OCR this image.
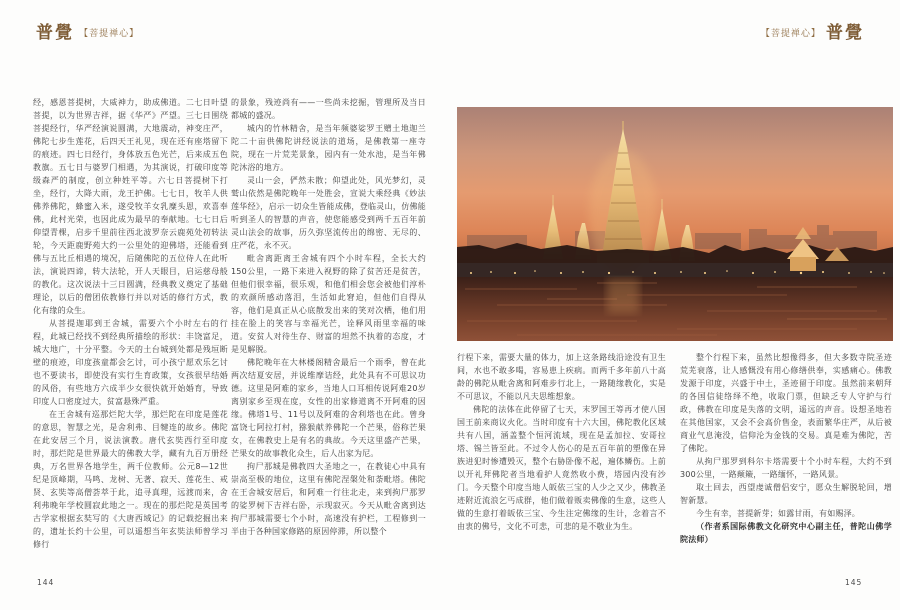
普覺 【菩提禅心】	【菩提禅心】 普覺

经，感恩菩提树，大威神力，助成佛道。二七日叶望菩提，以为世界吉祥，据《华严》严望。三七日围绕菩提经行，华严经演说圆满，大地震动，神变庄严，佛陀七步生莲花，后四天王礼见，现在还有座塔留下的痕迹。四七日经行，身体放五色光芒，后来成五色教旗。五七日与婆罗门相遇，为其演说，打破印度等级森严的制度，创立种姓平等。六七日菩提树下打坐，经行，大降大雨，龙王护佛。七七日，牧羊人供佛养佛陀，蜂蜜入米，遂受牧羊女乳糜头恩，欢喜奉佛，此村光荣，也因此成为最早的奉献地。七七日后仰望青棵，启步千里前往西北波罗奈云鹿苑处初转法轮，今天距鹿野苑大约一公里处的迎佛塔，还能看到佛与五比丘相遇的境况，后随佛陀的五位侍人在此听法，演说四谛，转大法轮，开人天眼目，启运慈母般的教化。这次说法十三日圆满，经典教义奠定了基础理论，以后的僧团依教修行并以对话的修行方式，教化有缘的众生。

从菩提迦耶到王舍城，需要六个小时左右的行程，此城已经找不到经典所描绘的形状：丰饶富足，城大地广，十分平整。今天的土台城到处都是残垣断壁的痕迹，印度孩童都会乞讨，可小孩宁愿欢乐乞讨也不要读书，即使没有实行生育政策，女孩很早结婚的风俗，有些地方六成半少女很快就开始婚育，导致印度人口密度过大，贫富悬殊严重。

在王舍城有巡那烂陀大学，那烂陀在印度是莲花的意思，智慧之光，是舍利弗、目犍连的故乡。佛陀在此安居三个月，说法演教。唐代玄奘西行至印度时，那烂陀是世界最大的佛教大学，藏有九百万册经典，万名世界各地学生，两千位教师。公元8—12世纪是顶峰期，马鸣、龙树、无著、寂天、莲花生、戒贤、玄奘等高僧荟萃于此，追寻真理，远渡而来，舍利弗晚年学校圆寂此地之一。现在的那烂陀是英国考古学家根据玄奘写的《大唐西域记》的记载挖掘出来的，遗址长约十公里，可以遥想当年玄奘法师曾学习修行

的景象，残迹尚有——一些尚未挖掘，管理所及当日都城的盛况。

城内的竹林精舍，是当年频婆娑罗王赠土地迦兰陀二十亩供佛陀讲经说法的道场，是佛教第一座寺院，现在一片荒芜景象，园内有一处水池，是当年佛陀沐浴的地方。

灵山一会，俨然未散；仰望此处，风光梦幻，灵鹫山依然是佛陀晚年一处胜会，宣说大乘经典《妙法莲华经》，启示一切众生皆能成佛，登临灵山，仿佛能听到圣人的智慧的声音，使您能感受到两千五百年前灵山法会的故事，历久弥坚流传出的绵密、无尽的、庄严花，永不灭。

毗舍离距离王舍城有四个小时车程，全长大约150公里，一路下来进入视野的除了贫苦还是贫苦，但他们很幸福，很乐观，和他们相会您会被他们淳朴的欢颜所感动落泪，生活如此窘迫，但他们自得从容，他们是真正从心底散发出来的笑对次栖，他们用挂在脸上的笑容与幸福光芒，诠释风雨里幸福的味道。安贫人对待生存、财富的坦然不执着的态度，才是见解脱。

佛陀晚年在大林楼阁精舍最后一个雨季，曾在此两次结夏安居，并说维摩诘经，此处具有不可思议功德。这里是阿难的家乡，当地人口耳相传说阿难20岁离别家乡至现在度，女性的出家修道离不开阿难的因缘。佛塔1号、11号以及阿难的舍利塔也在此。曾身富饶七阿拉打村，猕猴献养佛陀一个芒果，俗称芒果女，在佛教史上是有名的典故。今天这里盛产芒果，芒果女的故事教化众生，后人出家为尼。

拘尸那城是佛教四大圣地之一，在教徒心中具有崇高至极的地位，这里有佛陀涅槃处和荼毗塔。佛陀在王舍城安居后，和阿难一行往北走，来到拘尸那罗的娑罗树下吉祥右卧，示现寂灭。今天从毗舍离到达拘尸那城需要七个小时，高速没有护栏，工程修到一半由于各种国家修路的原因停滞，所以整个

行程下来，需要大量的体力，加上这条路线沿途没有卫生间，水也不敢多喝，容易患上疾病。而两千多年前八十高龄的佛陀从毗舍离和阿难步行北上，一路随缘教化，实是不可思议，不能以凡夫思维想象。

佛陀的法体在此停留了七天，末罗国王等再才使八国国王前来商议火化。当时印度有十六大国，佛陀教化区域共有八国，涵盖整个恒河流域，现在是孟加拉、安哥拉塔、锡兰皆至此。不过令人伤心的是五百年前的塑像在异族进犯时惨遭毁灭，整个右胁卧像不起，遍体鳞伤。上前以开礼拜佛陀者当地看护人竟然收小费，塔园内没有沙门。今天整个印度当地人皈依三宝的人少之又少，佛教圣迹附近流浪乞丐成群，他们做着贩卖佛像的生意，这些人做的生意打着皈依三宝、今生注定佛缘的生计，念着言不由衷的佛号，文化不可悲，可悲的是不敬业为生。

整个行程下来，虽然比想像得多，但大多数寺院圣迹荒芜衰落，让人感慨没有用心修缮供奉，实感痛心。佛教发源于印度，兴盛于中土，圣迹留于印度。虽然前来朝拜的各国信徒络绎不绝，收取门票，但缺乏专人守护与行政，佛教在印度是失落的文明，遥远的声音。设想圣地若在其他国家，又会不会高价售金，表面繁华庄严，从后被商业气息淹没，信仰沦为金钱的交易。真是难为佛陀，苦了佛陀。

从拘尸那罗到科尔卡塔需要十个小时车程，大约不到300公里，一路颠簸，一路缅怀，一路风景。

取土回去，西望虔诚僧侣安宁，愿众生解脱轮回，增智新慧。

今生有幸，菩提新芽；如露甘雨，有如赐泽。

（作者系国际佛教文化研究中心副主任，普陀山佛学院法师）

144	145
